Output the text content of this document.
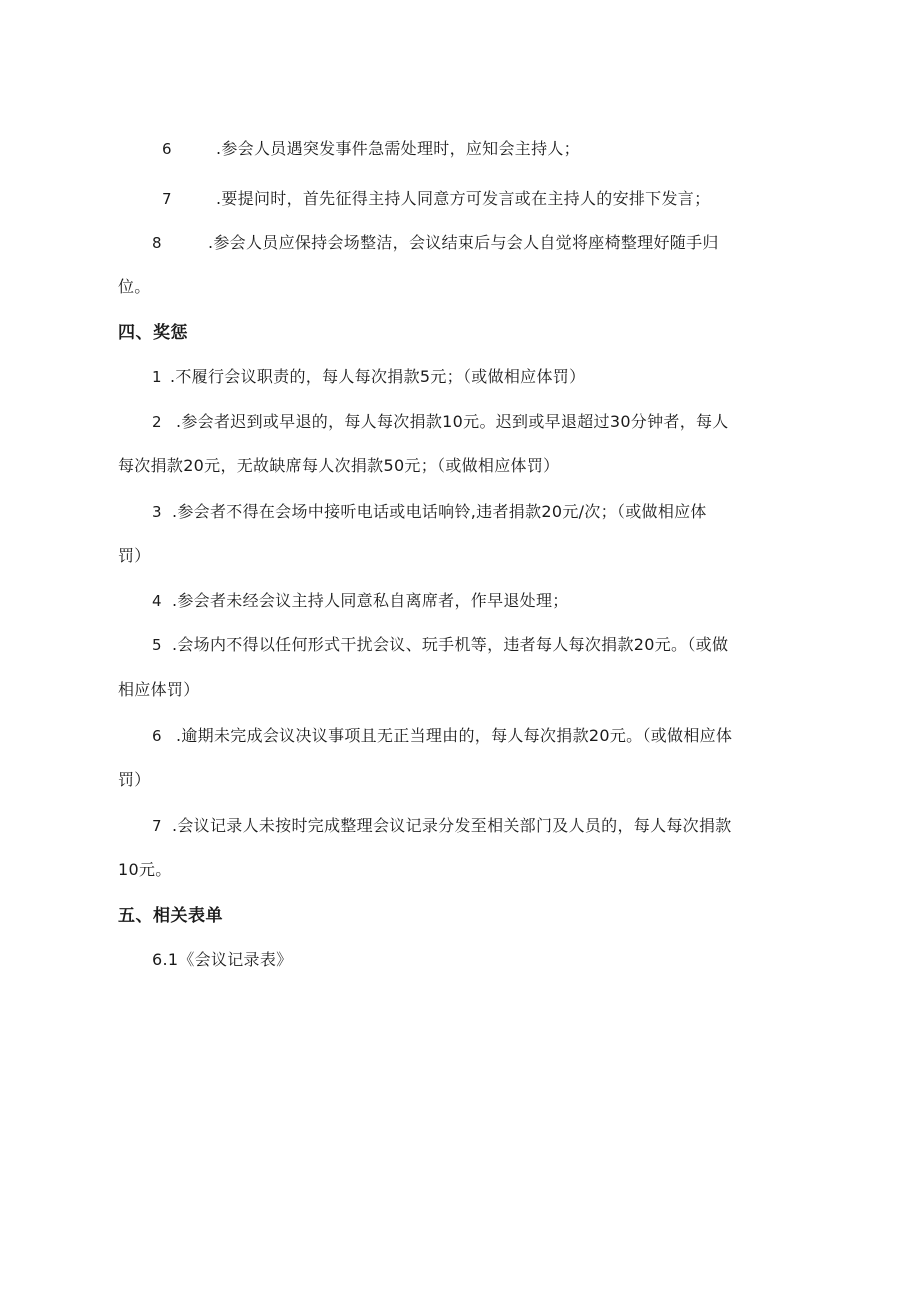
6	.参会人员遇突发事件急需处理时，应知会主持人；
7	.要提问时，首先征得主持人同意方可发言或在主持人的安排下发言；
8	.参会人员应保持会场整洁，会议结束后与会人自觉将座椅整理好随手归
位。
四、奖惩
1 .不履行会议职责的，每人每次捐款5元；（或做相应体罚）
2 .参会者迟到或早退的，每人每次捐款10元。迟到或早退超过30分钟者，每人
每次捐款20元，无故缺席每人次捐款50元；（或做相应体罚）
3 .参会者不得在会场中接听电话或电话响铃,违者捐款20元/次；（或做相应体
罚）
4 .参会者未经会议主持人同意私自离席者，作早退处理；
5 .会场内不得以任何形式干扰会议、玩手机等，违者每人每次捐款20元。（或做
相应体罚）
6 .逾期未完成会议决议事项且无正当理由的，每人每次捐款20元。（或做相应体
罚）
7 .会议记录人未按时完成整理会议记录分发至相关部门及人员的，每人每次捐款
10元。
五、相关表单
6.1《会议记录表》
